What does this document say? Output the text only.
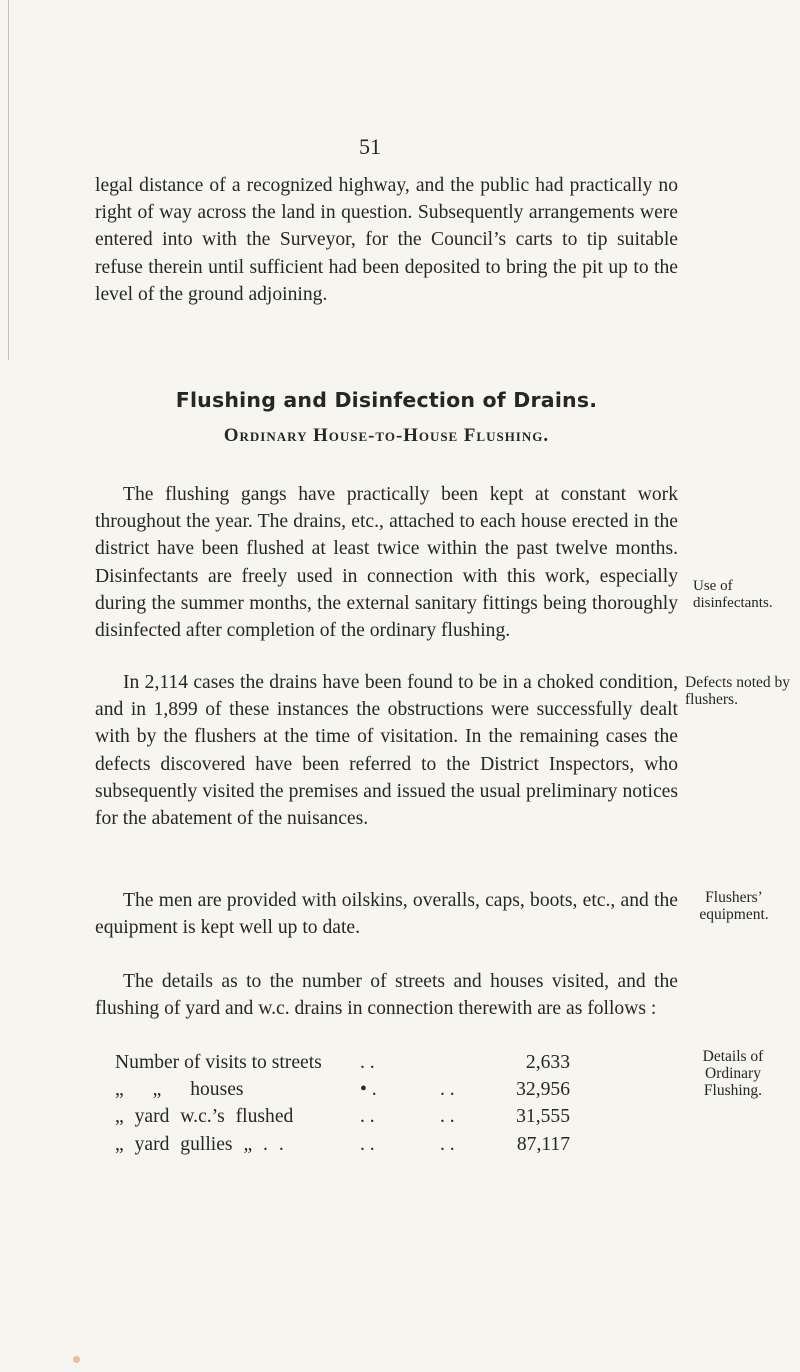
51

legal distance of a recognized highway, and the public had practically no right of way across the land in question. Subsequently arrangements were entered into with the Surveyor, for the Council’s carts to tip suitable refuse therein until sufficient had been deposited to bring the pit up to the level of the ground adjoining.

Flushing and Disinfection of Drains.
Ordinary House-to-House Flushing.

The flushing gangs have practically been kept at constant work throughout the year. The drains, etc., attached to each house erected in the district have been flushed at least twice within the past twelve months. Disinfectants are freely used in connection with this work, especially during the summer months, the external sanitary fittings being thoroughly disinfected after completion of the ordinary flushing.

Use of disinfectants.

In 2,114 cases the drains have been found to be in a choked condition, and in 1,899 of these instances the obstructions were successfully dealt with by the flushers at the time of visitation. In the remaining cases the defects discovered have been referred to the District Inspectors, who subsequently visited the premises and issued the usual preliminary notices for the abatement of the nuisances.

Defects noted by flushers.

The men are provided with oilskins, overalls, caps, boots, etc., and the equipment is kept well up to date.

Flushers’ equipment.

The details as to the number of streets and houses visited, and the flushing of yard and w.c. drains in connection therewith are as follows :

Details of Ordinary Flushing.
Number of visits to streets . .	2,633
„ „ houses	• .	. .	32,956
„ yard w.c.’s flushed	. .	. .	31,555
„ yard gullies „ . .	. .	. .	87,117
